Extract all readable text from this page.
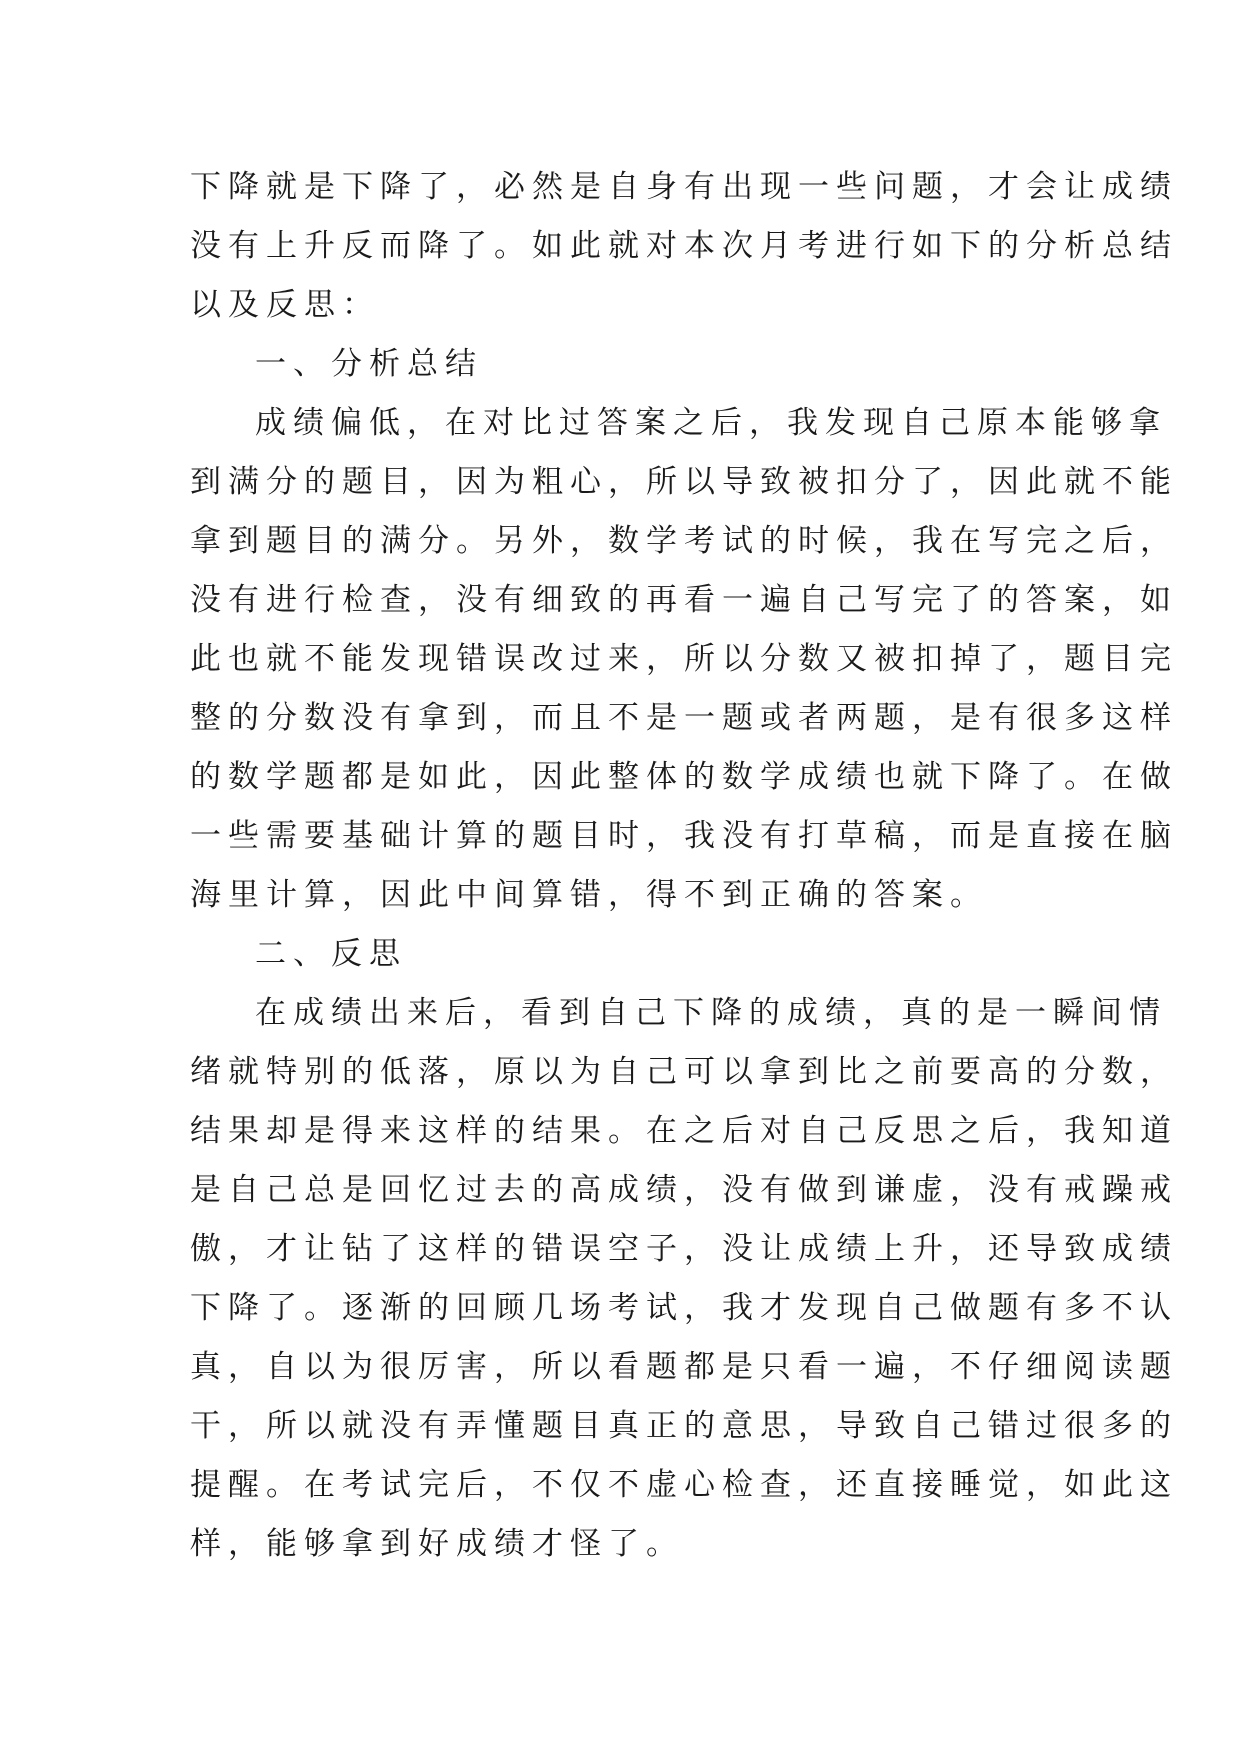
下降就是下降了，必然是自身有出现一些问题，才会让成绩
没有上升反而降了。如此就对本次月考进行如下的分析总结
以及反思：
一、分析总结
成绩偏低，在对比过答案之后，我发现自己原本能够拿
到满分的题目，因为粗心，所以导致被扣分了，因此就不能
拿到题目的满分。另外，数学考试的时候，我在写完之后，
没有进行检查，没有细致的再看一遍自己写完了的答案，如
此也就不能发现错误改过来，所以分数又被扣掉了，题目完
整的分数没有拿到，而且不是一题或者两题，是有很多这样
的数学题都是如此，因此整体的数学成绩也就下降了。在做
一些需要基础计算的题目时，我没有打草稿，而是直接在脑
海里计算，因此中间算错，得不到正确的答案。
二、反思
在成绩出来后，看到自己下降的成绩，真的是一瞬间情
绪就特别的低落，原以为自己可以拿到比之前要高的分数，
结果却是得来这样的结果。在之后对自己反思之后，我知道
是自己总是回忆过去的高成绩，没有做到谦虚，没有戒躁戒
傲，才让钻了这样的错误空子，没让成绩上升，还导致成绩
下降了。逐渐的回顾几场考试，我才发现自己做题有多不认
真，自以为很厉害，所以看题都是只看一遍，不仔细阅读题
干，所以就没有弄懂题目真正的意思，导致自己错过很多的
提醒。在考试完后，不仅不虚心检查，还直接睡觉，如此这
样，能够拿到好成绩才怪了。
